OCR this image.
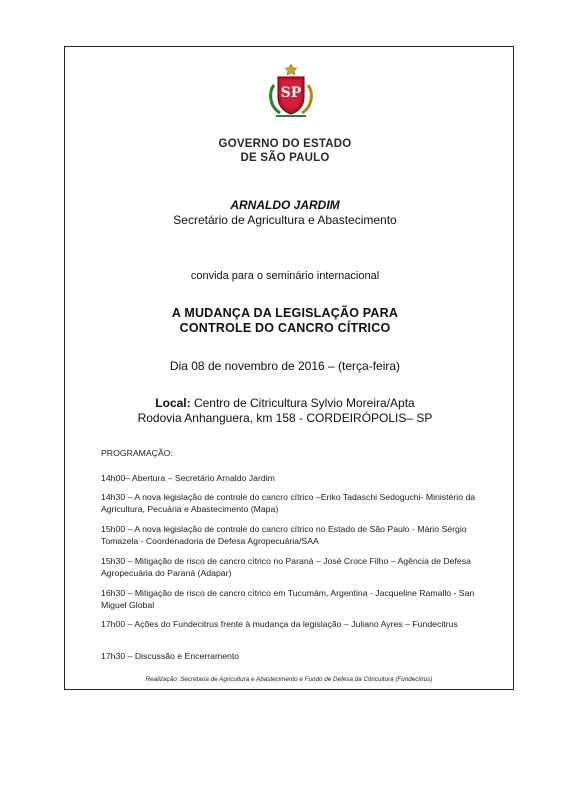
SP
GOVERNO DO ESTADO
DE SÃO PAULO
ARNALDO JARDIM
Secretário de Agricultura e Abastecimento
convida para o seminário internacional
A MUDANÇA DA LEGISLAÇÃO PARA
CONTROLE DO CANCRO CÍTRICO
Dia 08 de novembro de 2016 – (terça-feira)
Local: Centro de Citricultura Sylvio Moreira/Apta
Rodovia Anhanguera, km 158 - CORDEIRÓPOLIS– SP
PROGRAMAÇÃO:
14h00– Abertura – Secretário Arnaldo Jardim
14h30 – A nova legislação de controle do cancro cítrico –Eriko Tadaschi Sedoguchi- Ministério da Agricultura, Pecuária e Abastecimento (Mapa)
15h00 – A nova legislação de controle do cancro cítrico no Estado de São Paulo - Mário Sérgio Tomazela - Coordenadoria de Defesa Agropecuária/SAA
15h30 – Mitigação de risco de cancro cítrico no Paraná – José Croce Filho – Agência de Defesa Agropecuária do Paraná (Adapar)
16h30 – Mitigação de risco de cancro cítrico em Tucumám, Argentina - Jacqueline Ramallo - San Miguel Global
17h00 – Ações do Fundecitrus frente à mudança da legislação – Juliano Ayres – Fundecitrus
17h30 – Discussão e Encerramento
Realização: Secretaria de Agricultura e Abastecimento e Fundo de Defesa da Citricultura (Fundecitrus)
